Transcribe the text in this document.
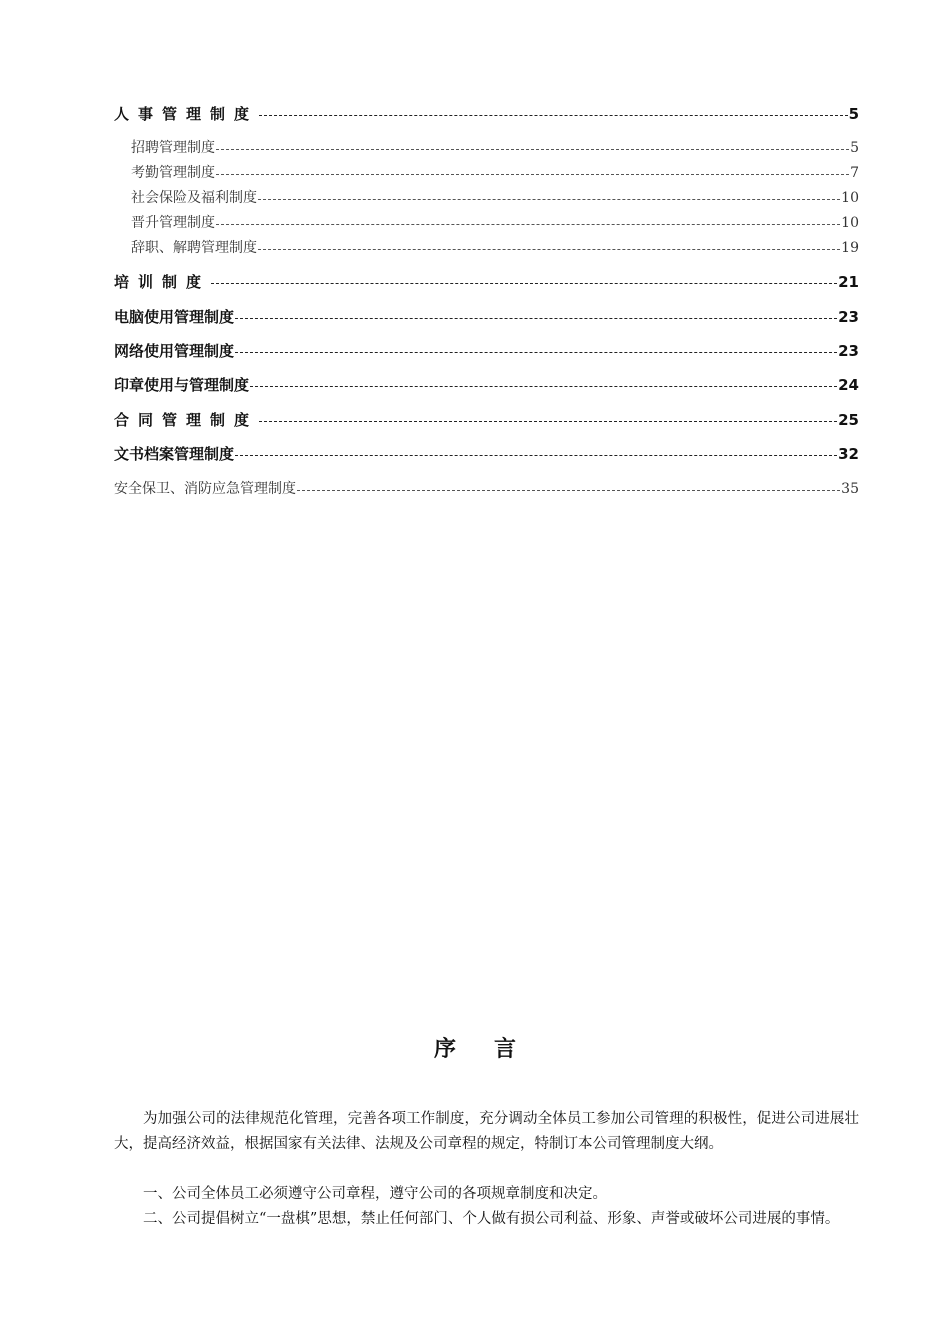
人事管理制度	5
招聘管理制度	5
考勤管理制度	7
社会保险及福利制度	10
晋升管理制度	10
辞职、解聘管理制度	19
培训制度	21
电脑使用管理制度	23
网络使用管理制度	23
印章使用与管理制度	24
合同管理制度	25
文书档案管理制度	32
安全保卫、消防应急管理制度	35
序言

为加强公司的法律规范化管理，完善各项工作制度，充分调动全体员工参加公司管理的积极性，促进公司进展壮大，提高经济效益，根据国家有关法律、法规及公司章程的规定，特制订本公司管理制度大纲。

一、公司全体员工必须遵守公司章程，遵守公司的各项规章制度和决定。

二、公司提倡树立“一盘棋”思想，禁止任何部门、个人做有损公司利益、形象、声誉或破坏公司进展的事情。
